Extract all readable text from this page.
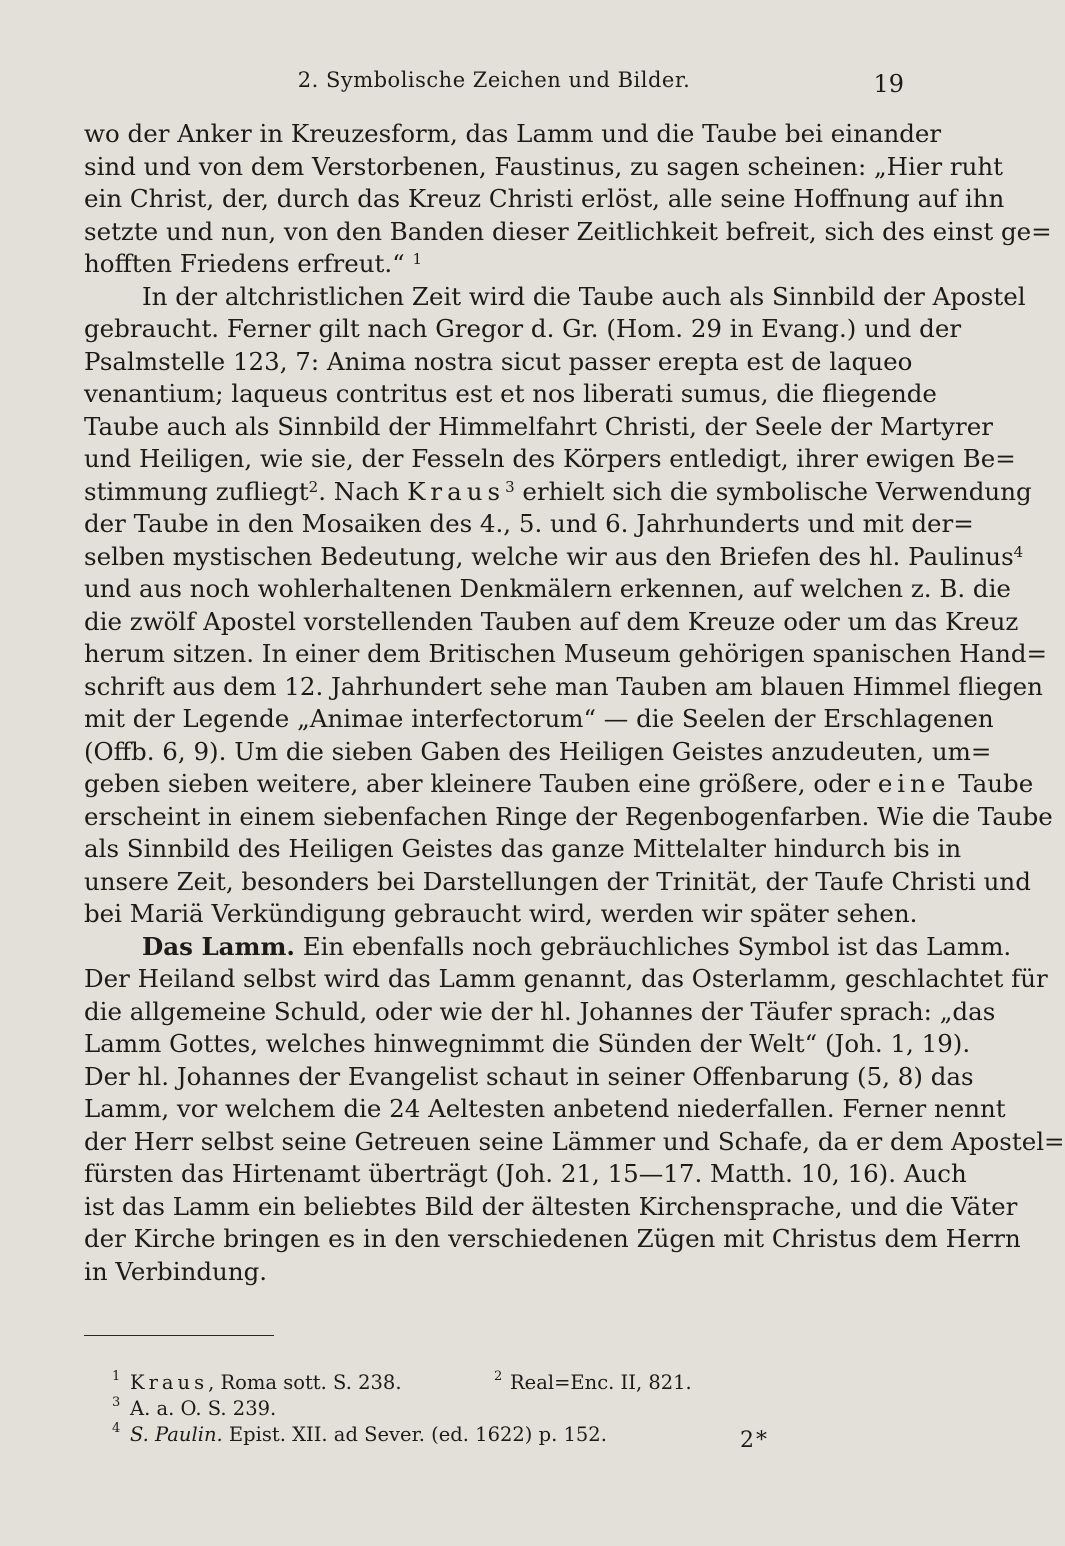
2. Symbolische Zeichen und Bilder.	19

wo der Anker in Kreuzesform, das Lamm und die Taube bei einander
sind und von dem Verstorbenen, Faustinus, zu sagen scheinen: „Hier ruht
ein Christ, der, durch das Kreuz Christi erlöst, alle seine Hoffnung auf ihn
setzte und nun, von den Banden dieser Zeitlichkeit befreit, sich des einst ge=
hofften Friedens erfreut.“ $^1$

In der altchristlichen Zeit wird die Taube auch als Sinnbild der Apostel
gebraucht. Ferner gilt nach Gregor d. Gr. (Hom. 29 in Evang.) und der
Psalmstelle 123, 7: Anima nostra sicut passer erepta est de laqueo
venantium; laqueus contritus est et nos liberati sumus, die fliegende
Taube auch als Sinnbild der Himmelfahrt Christi, der Seele der Martyrer
und Heiligen, wie sie, der Fesseln des Körpers entledigt, ihrer ewigen Be=
stimmung zufliegt$^2$. Nach Kraus$^3$ erhielt sich die symbolische Verwendung
der Taube in den Mosaiken des 4., 5. und 6. Jahrhunderts und mit der=
selben mystischen Bedeutung, welche wir aus den Briefen des hl. Paulinus$^4$
und aus noch wohlerhaltenen Denkmälern erkennen, auf welchen z. B. die
die zwölf Apostel vorstellenden Tauben auf dem Kreuze oder um das Kreuz
herum sitzen. In einer dem Britischen Museum gehörigen spanischen Hand=
schrift aus dem 12. Jahrhundert sehe man Tauben am blauen Himmel fliegen
mit der Legende „Animae interfectorum“ — die Seelen der Erschlagenen
(Offb. 6, 9). Um die sieben Gaben des Heiligen Geistes anzudeuten, um=
geben sieben weitere, aber kleinere Tauben eine größere, oder eine Taube
erscheint in einem siebenfachen Ringe der Regenbogenfarben. Wie die Taube
als Sinnbild des Heiligen Geistes das ganze Mittelalter hindurch bis in
unsere Zeit, besonders bei Darstellungen der Trinität, der Taufe Christi und
bei Mariä Verkündigung gebraucht wird, werden wir später sehen.

Das Lamm. Ein ebenfalls noch gebräuchliches Symbol ist das Lamm.
Der Heiland selbst wird das Lamm genannt, das Osterlamm, geschlachtet für
die allgemeine Schuld, oder wie der hl. Johannes der Täufer sprach: „das
Lamm Gottes, welches hinwegnimmt die Sünden der Welt“ (Joh. 1, 19).
Der hl. Johannes der Evangelist schaut in seiner Offenbarung (5, 8) das
Lamm, vor welchem die 24 Aeltesten anbetend niederfallen. Ferner nennt
der Herr selbst seine Getreuen seine Lämmer und Schafe, da er dem Apostel=
fürsten das Hirtenamt überträgt (Joh. 21, 15—17. Matth. 10, 16). Auch
ist das Lamm ein beliebtes Bild der ältesten Kirchensprache, und die Väter
der Kirche bringen es in den verschiedenen Zügen mit Christus dem Herrn
in Verbindung.

1 Kraus, Roma sott. S. 238.	2 Real=Enc. II, 821.
3 A. a. O. S. 239.
4 S. Paulin. Epist. XII. ad Sever. (ed. 1622) p. 152.	2*
